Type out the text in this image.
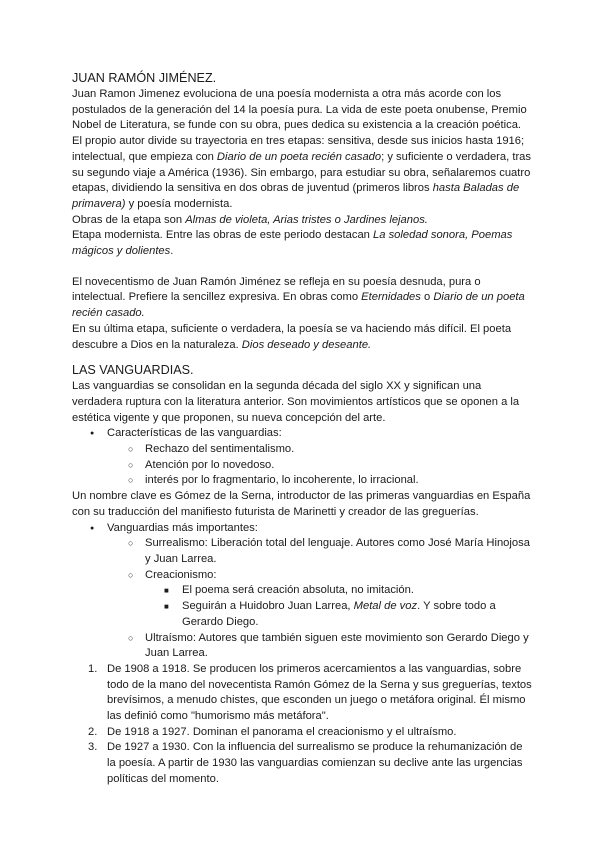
JUAN RAMÓN JIMÉNEZ.

Juan Ramon Jimenez evoluciona de una poesía modernista a otra más acorde con los postulados de la generación del 14 la poesía pura. La vida de este poeta onubense, Premio Nobel de Literatura, se funde con su obra, pues dedica su existencia a la creación poética.

El propio autor divide su trayectoria en tres etapas: sensitiva, desde sus inicios hasta 1916; intelectual, que empieza con Diario de un poeta recién casado; y suficiente o verdadera, tras su segundo viaje a América (1936). Sin embargo, para estudiar su obra, señalaremos cuatro etapas, dividiendo la sensitiva en dos obras de juventud (primeros libros hasta Baladas de primavera) y poesía modernista.

Obras de la etapa son Almas de violeta, Arias tristes o Jardines lejanos.

Etapa modernista. Entre las obras de este periodo destacan La soledad sonora, Poemas mágicos y dolientes.

El novecentismo de Juan Ramón Jiménez se refleja en su poesía desnuda, pura o intelectual. Prefiere la sencillez expresiva. En obras como Eternidades o Diario de un poeta recién casado.

En su última etapa, suficiente o verdadera, la poesía se va haciendo más difícil. El poeta descubre a Dios en la naturaleza. Dios deseado y deseante.

LAS VANGUARDIAS.

Las vanguardias se consolidan en la segunda década del siglo XX y significan una verdadera ruptura con la literatura anterior. Son movimientos artísticos que se oponen a la estética vigente y que proponen, su nueva concepción del arte.

● Características de las vanguardias:
○ Rechazo del sentimentalismo.
○ Atención por lo novedoso.
○ interés por lo fragmentario, lo incoherente, lo irracional.

Un nombre clave es Gómez de la Serna, introductor de las primeras vanguardias en España con su traducción del manifiesto futurista de Marinetti y creador de las greguerías.

● Vanguardias más importantes:
○ Surrealismo: Liberación total del lenguaje. Autores como José María Hinojosa y Juan Larrea.
○ Creacionismo:
■ El poema será creación absoluta, no imitación.
■ Seguirán a Huidobro Juan Larrea, Metal de voz. Y sobre todo a Gerardo Diego.
○ Ultraísmo: Autores que también siguen este movimiento son Gerardo Diego y Juan Larrea.
1. De 1908 a 1918. Se producen los primeros acercamientos a las vanguardias, sobre todo de la mano del novecentista Ramón Gómez de la Serna y sus greguerías, textos brevísimos, a menudo chistes, que esconden un juego o metáfora original. Él mismo las definió como "humorismo más metáfora".
2. De 1918 a 1927. Dominan el panorama el creacionismo y el ultraísmo.
3. De 1927 a 1930. Con la influencia del surrealismo se produce la rehumanización de la poesía. A partir de 1930 las vanguardias comienzan su declive ante las urgencias políticas del momento.
